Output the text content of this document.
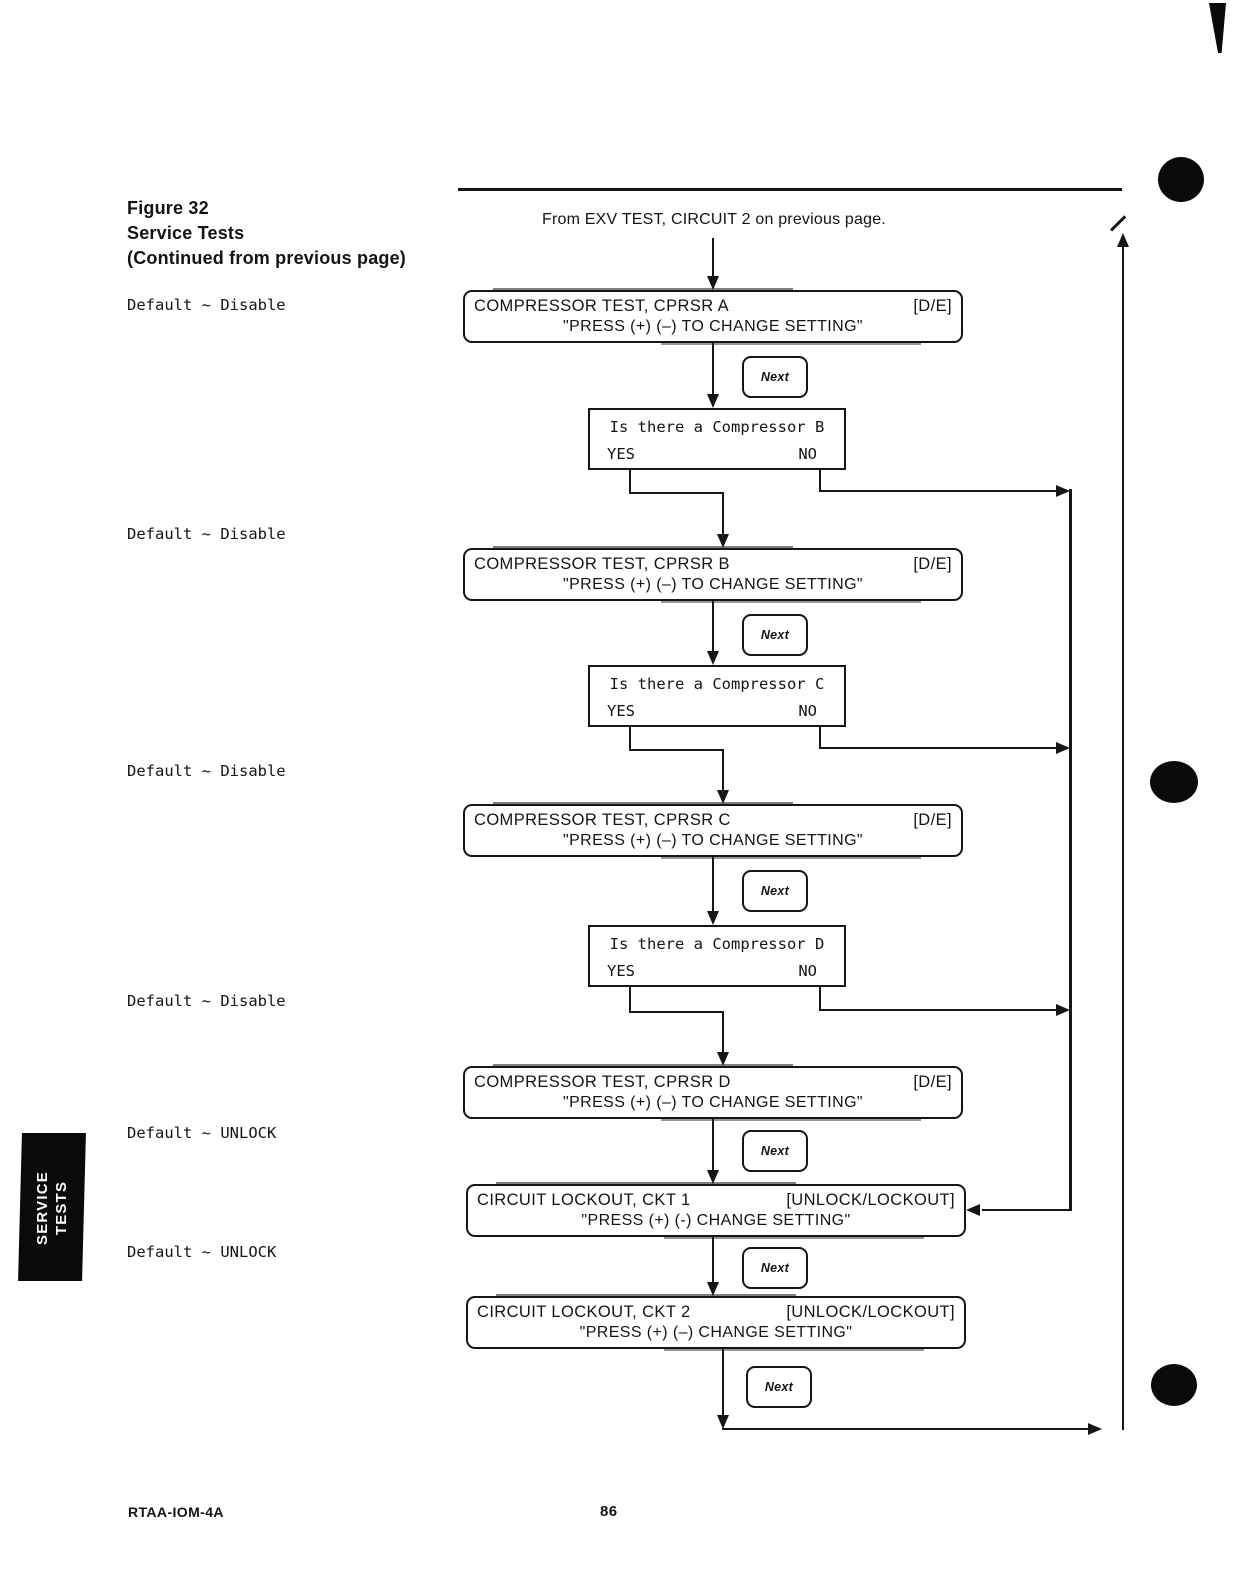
Figure 32
Service Tests
(Continued from previous page)
From EXV TEST, CIRCUIT 2 on previous page.
Default ~ Disable
Default ~ Disable
Default ~ Disable
Default ~ Disable
Default ~ UNLOCK
Default ~ UNLOCK
COMPRESSOR TEST, CPRSR A	[D/E]
"PRESS (+) (–) TO CHANGE SETTING"
Next
Is there a Compressor B
YES	NO
COMPRESSOR TEST, CPRSR B	[D/E]
"PRESS (+) (–) TO CHANGE SETTING"
Next
Is there a Compressor C
YES	NO
COMPRESSOR TEST, CPRSR C	[D/E]
"PRESS (+) (–) TO CHANGE SETTING"
Next
Is there a Compressor D
YES	NO
COMPRESSOR TEST, CPRSR D	[D/E]
"PRESS (+) (–) TO CHANGE SETTING"
Next
CIRCUIT LOCKOUT, CKT 1	[UNLOCK/LOCKOUT]
"PRESS (+) (-) CHANGE SETTING"
Next
CIRCUIT LOCKOUT, CKT 2	[UNLOCK/LOCKOUT]
"PRESS (+) (–) CHANGE SETTING"
Next
SERVICE TESTS
RTAA-IOM-4A	86
